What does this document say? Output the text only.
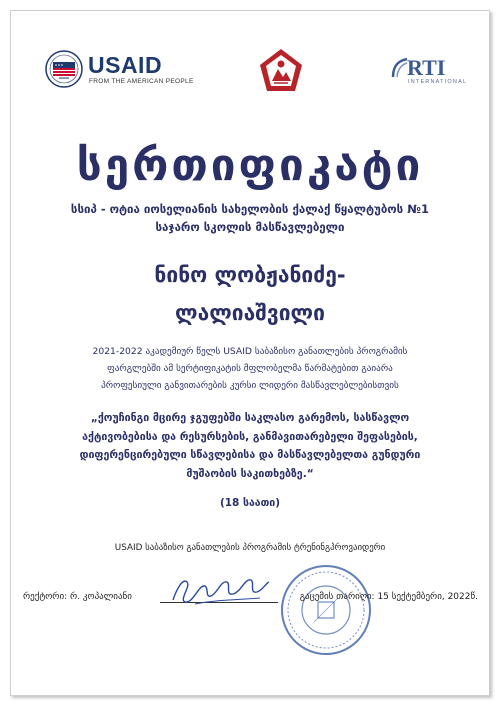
USAID
FROM THE AMERICAN PEOPLE
RTI
INTERNATIONAL
სერთიფიკატი
სსიპ - ოტია იოსელიანის სახელობის ქალაქ წყალტუბოს №1
საჯარო სკოლის მასწავლებელი
ნინო ლობჟანიძე-
ლალიაშვილი
2021-2022 აკადემიურ წელს USAID საბაზისო განათლების პროგრამის
ფარგლებში ამ სერტიფიკატის მფლობელმა წარმატებით გაიარა
პროფესიული განვითარების კურსი ლიდერი მასწავლებლებისთვის
„ქოუჩინგი მცირე ჯგუფებში საკლასო გარემოს, სასწავლო
აქტივობებისა და რესურსების, განმავითარებელი შეფასების,
დიფერენცირებული სწავლებისა და მასწავლებელთა გუნდური
მუშაობის საკითხებზე.“
(18 საათი)
USAID საბაზისო განათლების პროგრამის ტრენინგპროვაიდერი
რექტორი: რ. კოპალიანი	გაცემის თარიღი: 15 სექტემბერი, 2022წ.
